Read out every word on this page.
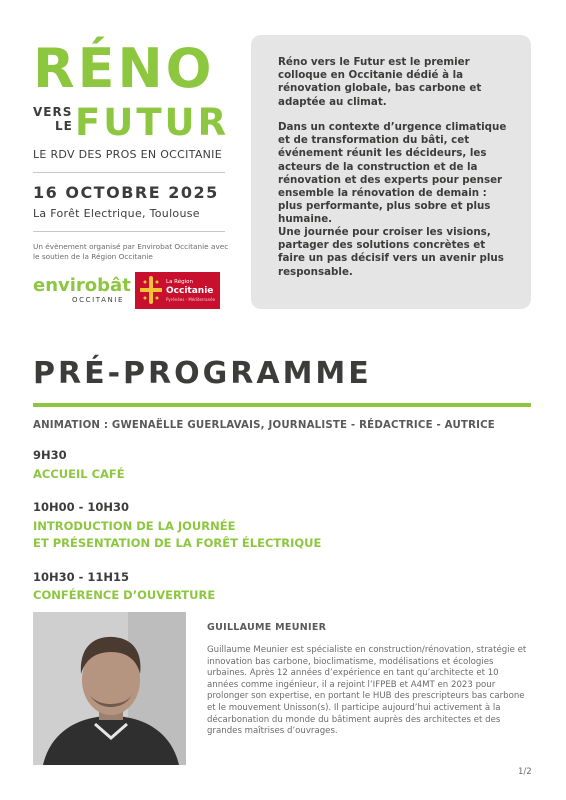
RÉNO
VERS
LE FUTUR
LE RDV DES PROS EN OCCITANIE
16 OCTOBRE 2025
La Forêt Electrique, Toulouse
Un évènement organisé par Envirobat Occitanie avec le soutien de la Région Occitanie
envirobât
OCCITANIE
La Région
Occitanie
Pyrénées - Méditerranée
Réno vers le Futur est le premier colloque en Occitanie dédié à la rénovation globale, bas carbone et adaptée au climat.
Dans un contexte d’urgence climatique et de transformation du bâti, cet événement réunit les décideurs, les acteurs de la construction et de la rénovation et des experts pour penser ensemble la rénovation de demain : plus performante, plus sobre et plus humaine.
Une journée pour croiser les visions, partager des solutions concrètes et faire un pas décisif vers un avenir plus responsable.
PRÉ-PROGRAMME
ANIMATION : GWENAËLLE GUERLAVAIS, JOURNALISTE - RÉDACTRICE - AUTRICE
9H30
ACCUEIL CAFÉ
10H00 - 10H30
INTRODUCTION DE LA JOURNÉE
ET PRÉSENTATION DE LA FORÊT ÉLECTRIQUE
10H30 - 11H15
CONFÉRENCE D’OUVERTURE
GUILLAUME MEUNIER
Guillaume Meunier est spécialiste en construction/rénovation, stratégie et innovation bas carbone, bioclimatisme, modélisations et écologies urbaines. Après 12 années d’expérience en tant qu’architecte et 10 années comme ingénieur, il a rejoint l’IFPEB et A4MT en 2023 pour prolonger son expertise, en portant le HUB des prescripteurs bas carbone et le mouvement Unisson(s). Il participe aujourd’hui activement à la décarbonation du monde du bâtiment auprès des architectes et des grandes maîtrises d’ouvrages.
1/2
